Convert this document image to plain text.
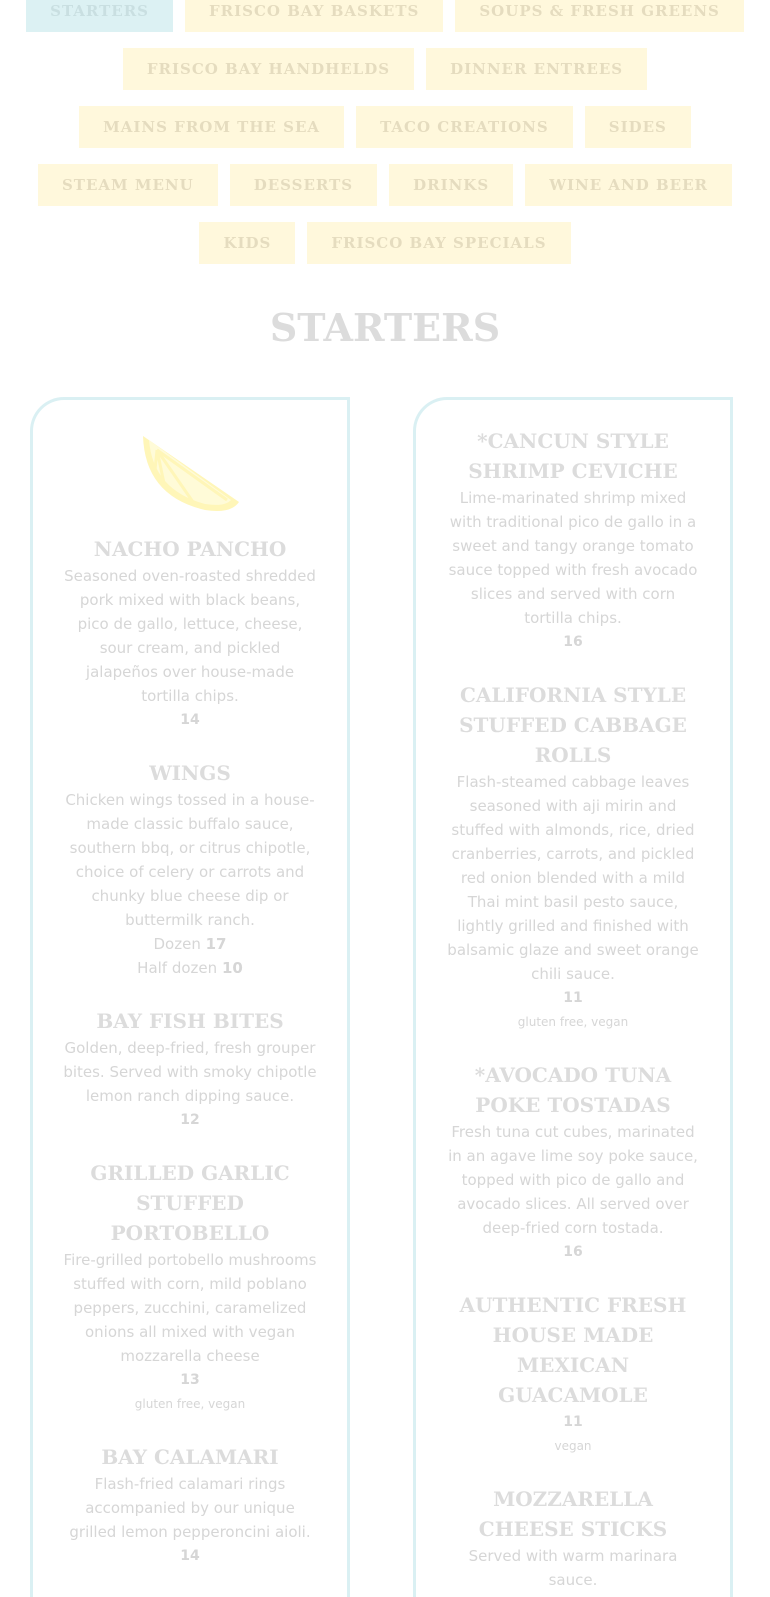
STARTERS	FRISCO BAY BASKETS	SOUPS & FRESH GREENS
FRISCO BAY HANDHELDS	DINNER ENTREES
MAINS FROM THE SEA	TACO CREATIONS	SIDES
STEAM MENU	DESSERTS	DRINKS	WINE AND BEER
KIDS	FRISCO BAY SPECIALS
STARTERS
NACHO PANCHO

Seasoned oven-roasted shredded pork mixed with black beans, pico de gallo, lettuce, cheese, sour cream, and pickled jalapeños over house-made tortilla chips.

14
WINGS

Chicken wings tossed in a house-made classic buffalo sauce, southern bbq, or citrus chipotle, choice of celery or carrots and chunky blue cheese dip or buttermilk ranch.

Dozen 17
Half dozen 10
BAY FISH BITES

Golden, deep-fried, fresh grouper bites. Served with smoky chipotle lemon ranch dipping sauce.

12
GRILLED GARLIC STUFFED PORTOBELLO

Fire-grilled portobello mushrooms stuffed with corn, mild poblano peppers, zucchini, caramelized onions all mixed with vegan mozzarella cheese

13
gluten free, vegan
BAY CALAMARI

Flash-fried calamari rings accompanied by our unique grilled lemon pepperoncini aioli.

14
*CANCUN STYLE SHRIMP CEVICHE

Lime-marinated shrimp mixed with traditional pico de gallo in a sweet and tangy orange tomato sauce topped with fresh avocado slices and served with corn tortilla chips.

16
CALIFORNIA STYLE STUFFED CABBAGE ROLLS

Flash-steamed cabbage leaves seasoned with aji mirin and stuffed with almonds, rice, dried cranberries, carrots, and pickled red onion blended with a mild Thai mint basil pesto sauce, lightly grilled and finished with balsamic glaze and sweet orange chili sauce.

11
gluten free, vegan
*AVOCADO TUNA POKE TOSTADAS

Fresh tuna cut cubes, marinated in an agave lime soy poke sauce, topped with pico de gallo and avocado slices. All served over deep-fried corn tostada.

16
AUTHENTIC FRESH HOUSE MADE MEXICAN GUACAMOLE
11
vegan
MOZZARELLA CHEESE STICKS

Served with warm marinara sauce.
